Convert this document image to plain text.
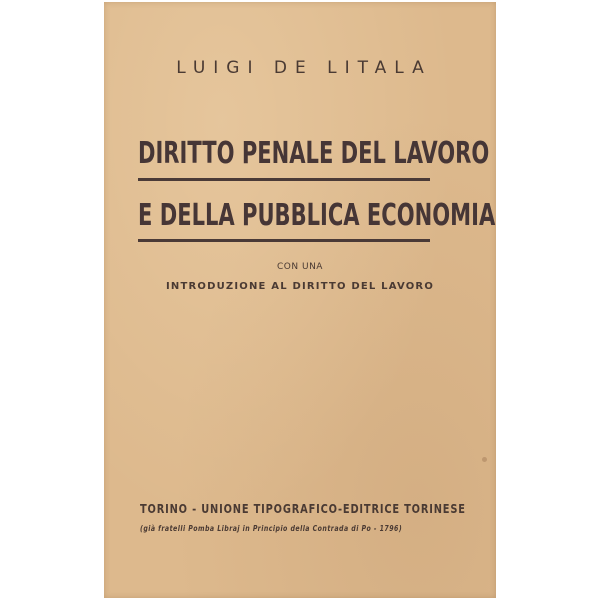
LUIGI DE LITALA
DIRITTO PENALE DEL LAVORO
E DELLA PUBBLICA ECONOMIA
CON UNA
INTRODUZIONE AL DIRITTO DEL LAVORO
TORINO - UNIONE TIPOGRAFICO-EDITRICE TORINESE
(già fratelli Pomba Libraj in Principio della Contrada di Po - 1796)
